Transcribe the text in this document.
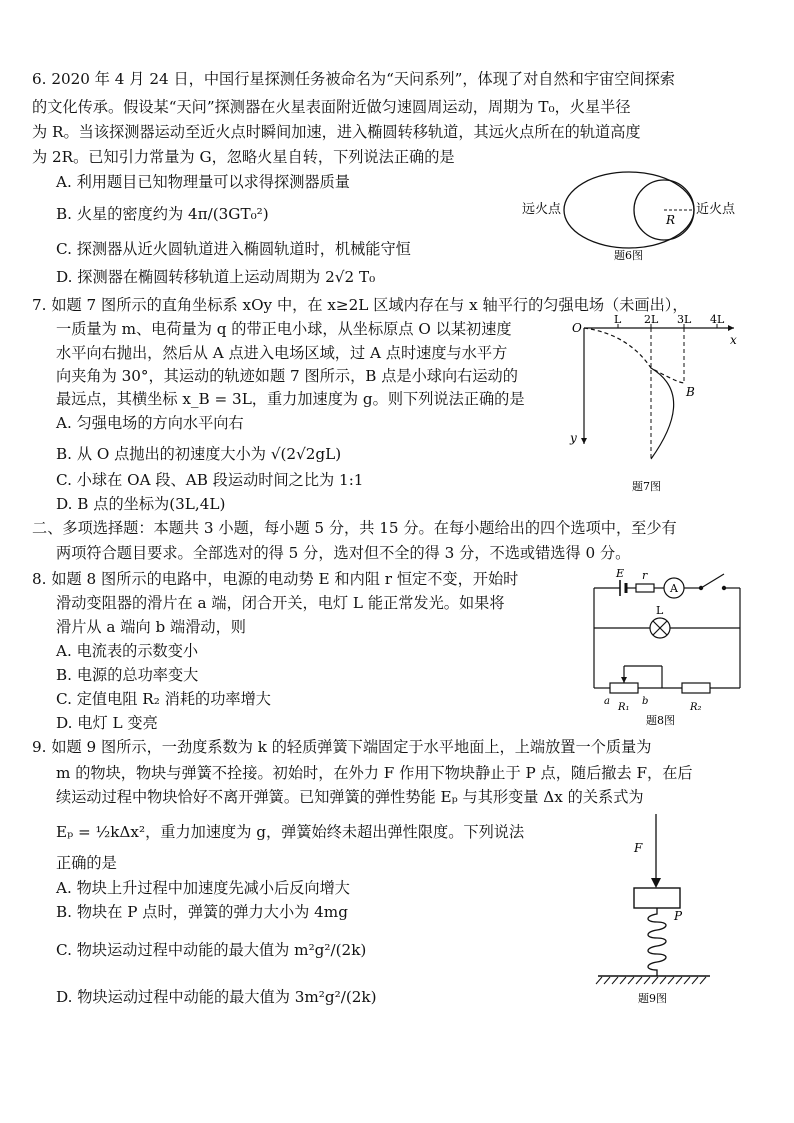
6. 2020 年 4 月 24 日，中国行星探测任务被命名为“天问系列”，体现了对自然和宇宙空间探索
的文化传承。假设某“天问”探测器在火星表面附近做匀速圆周运动，周期为 T₀，火星半径
为 R。当该探测器运动至近火点时瞬间加速，进入椭圆转移轨道，其远火点所在的轨道高度
为 2R。已知引力常量为 G，忽略火星自转，下列说法正确的是
A. 利用题目已知物理量可以求得探测器质量
B. 火星的密度约为 4π/(3GT₀²)
C. 探测器从近火圆轨道进入椭圆轨道时，机械能守恒
D. 探测器在椭圆转移轨道上运动周期为 2√2 T₀
远火点
R
近火点
题6图
7. 如题 7 图所示的直角坐标系 xOy 中，在 x≥2L 区域内存在与 x 轴平行的匀强电场（未画出），
一质量为 m、电荷量为 q 的带正电小球，从坐标原点 O 以某初速度
水平向右抛出，然后从 A 点进入电场区域，过 A 点时速度与水平方
向夹角为 30°，其运动的轨迹如题 7 图所示，B 点是小球向右运动的
最远点，其横坐标 x_B = 3L，重力加速度为 g。则下列说法正确的是
A. 匀强电场的方向水平向右
B. 从 O 点抛出的初速度大小为 √(2√2gL)
C. 小球在 OA 段、AB 段运动时间之比为 1:1
D. B 点的坐标为(3L,4L)
O
L 2L 3L 4L
x
y
B
题7图
二、多项选择题：本题共 3 小题，每小题 5 分，共 15 分。在每小题给出的四个选项中，至少有
两项符合题目要求。全部选对的得 5 分，选对但不全的得 3 分，不选或错选得 0 分。
8. 如题 8 图所示的电路中，电源的电动势 E 和内阻 r 恒定不变，开始时
滑动变阻器的滑片在 a 端，闭合开关，电灯 L 能正常发光。如果将
滑片从 a 端向 b 端滑动，则
A. 电流表的示数变小
B. 电源的总功率变大
C. 定值电阻 R₂ 消耗的功率增大
D. 电灯 L 变亮
E r
A
L
a	b
R₁	R₂
题8图
9. 如题 9 图所示，一劲度系数为 k 的轻质弹簧下端固定于水平地面上，上端放置一个质量为
m 的物块，物块与弹簧不拴接。初始时，在外力 F 作用下物块静止于 P 点，随后撤去 F，在后
续运动过程中物块恰好不离开弹簧。已知弹簧的弹性势能 Eₚ 与其形变量 Δx 的关系式为
Eₚ = ½kΔx²，重力加速度为 g，弹簧始终未超出弹性限度。下列说法
正确的是
A. 物块上升过程中加速度先减小后反向增大
B. 物块在 P 点时，弹簧的弹力大小为 4mg
C. 物块运动过程中动能的最大值为 m²g²/(2k)
D. 物块运动过程中动能的最大值为 3m²g²/(2k)
F
P
题9图
